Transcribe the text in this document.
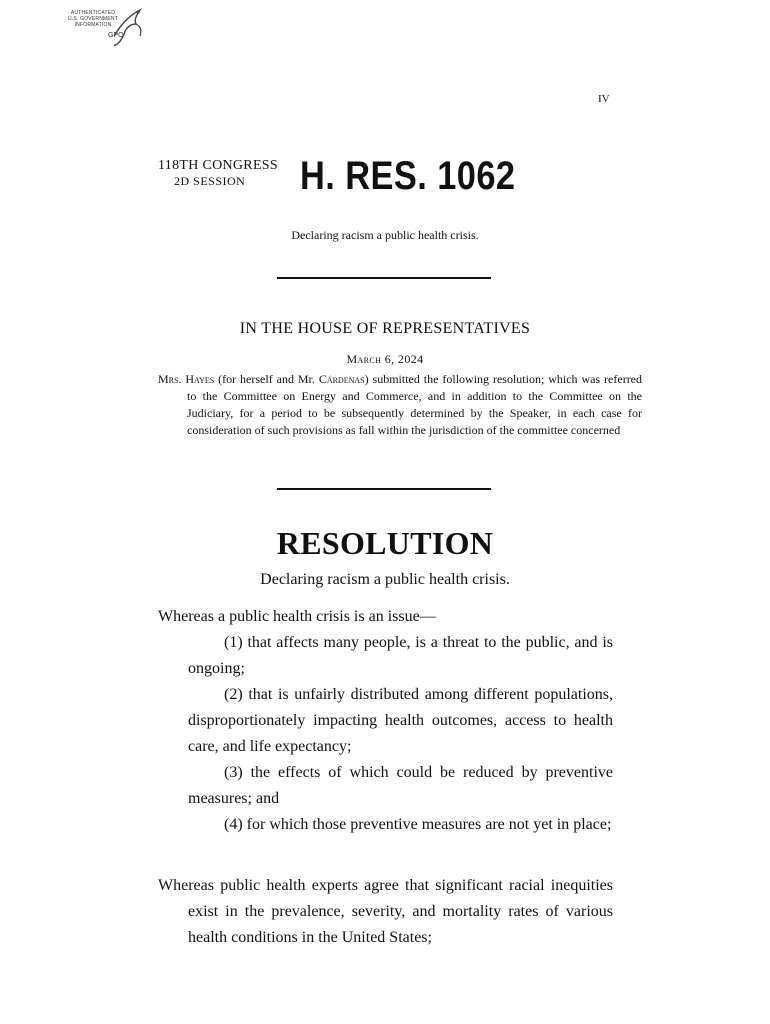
AUTHENTICATED
U.S. GOVERNMENT
INFORMATION
GPO
IV
118TH CONGRESS
2D SESSION H. RES. 1062
Declaring racism a public health crisis.
IN THE HOUSE OF REPRESENTATIVES
March 6, 2024
Mrs. Hayes (for herself and Mr. Cárdenas) submitted the following resolution; which was referred to the Committee on Energy and Commerce, and in addition to the Committee on the Judiciary, for a period to be subsequently determined by the Speaker, in each case for consideration of such provisions as fall within the jurisdiction of the committee concerned
RESOLUTION
Declaring racism a public health crisis.
Whereas a public health crisis is an issue—
(1) that affects many people, is a threat to the public, and is ongoing;
(2) that is unfairly distributed among different populations, disproportionately impacting health outcomes, access to health care, and life expectancy;
(3) the effects of which could be reduced by preventive measures; and
(4) for which those preventive measures are not yet in place;
Whereas public health experts agree that significant racial inequities exist in the prevalence, severity, and mortality rates of various health conditions in the United States;
